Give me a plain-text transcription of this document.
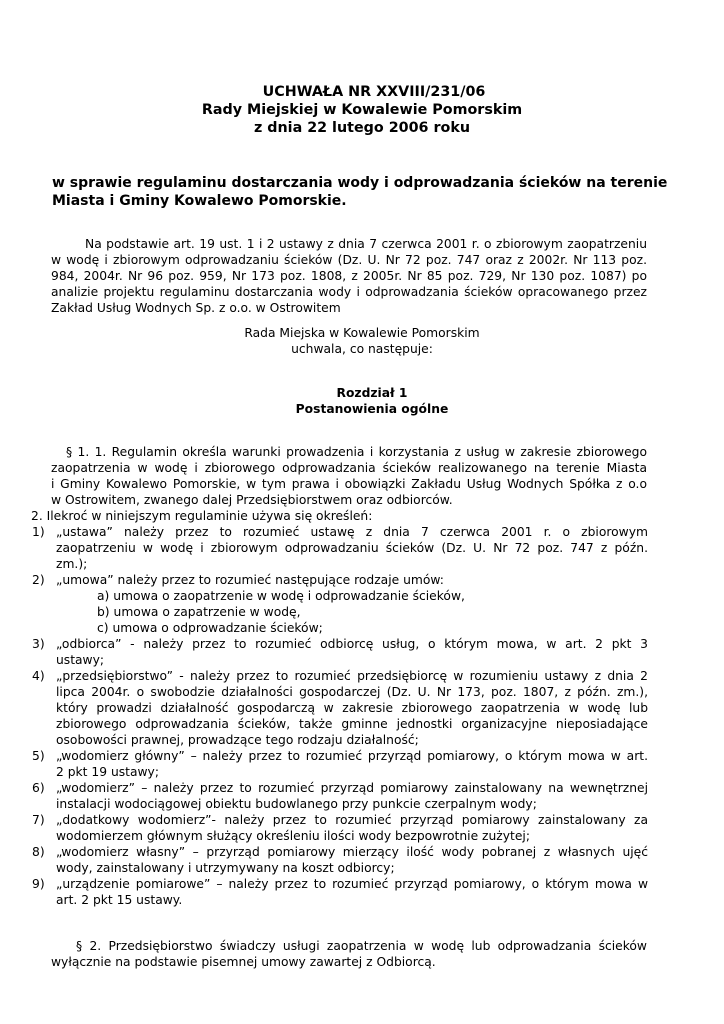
UCHWAŁA NR XXVIII/231/06
Rady Miejskiej w Kowalewie Pomorskim
z dnia 22 lutego 2006 roku
w sprawie regulaminu dostarczania wody i odprowadzania ścieków na terenie
Miasta i Gminy Kowalewo Pomorskie.
Na podstawie art. 19 ust. 1 i 2 ustawy z dnia 7 czerwca 2001 r. o zbiorowym zaopatrzeniu
w wodę i zbiorowym odprowadzaniu ścieków (Dz. U. Nr 72 poz. 747 oraz z 2002r. Nr 113 poz.
984, 2004r. Nr 96 poz. 959, Nr 173 poz. 1808, z 2005r. Nr 85 poz. 729, Nr 130 poz. 1087) po
analizie projektu regulaminu dostarczania wody i odprowadzania ścieków opracowanego przez
Zakład Usług Wodnych Sp. z o.o. w Ostrowitem
Rada Miejska w Kowalewie Pomorskim
uchwala, co następuje:
Rozdział 1
Postanowienia ogólne
§ 1. 1. Regulamin określa warunki prowadzenia i korzystania z usług w zakresie zbiorowego
zaopatrzenia w wodę i zbiorowego odprowadzania ścieków realizowanego na terenie Miasta
i Gminy Kowalewo Pomorskie, w tym prawa i obowiązki Zakładu Usług Wodnych Spółka z o.o
w Ostrowitem, zwanego dalej Przedsiębiorstwem oraz odbiorców.
2. Ilekroć w niniejszym regulaminie używa się określeń:
1) „ustawa” należy przez to rozumieć ustawę z dnia 7 czerwca 2001 r. o zbiorowym
zaopatrzeniu w wodę i zbiorowym odprowadzaniu ścieków (Dz. U. Nr 72 poz. 747 z późn.
zm.);
2) „umowa” należy przez to rozumieć następujące rodzaje umów:
a) umowa o zaopatrzenie w wodę i odprowadzanie ścieków,
b) umowa o zapatrzenie w wodę,
c) umowa o odprowadzanie ścieków;
3) „odbiorca” - należy przez to rozumieć odbiorcę usług, o którym mowa, w art. 2 pkt 3
ustawy;
4) „przedsiębiorstwo” - należy przez to rozumieć przedsiębiorcę w rozumieniu ustawy z dnia 2
lipca 2004r. o swobodzie działalności gospodarczej (Dz. U. Nr 173, poz. 1807, z późn. zm.),
który prowadzi działalność gospodarczą w zakresie zbiorowego zaopatrzenia w wodę lub
zbiorowego odprowadzania ścieków, także gminne jednostki organizacyjne nieposiadające
osobowości prawnej, prowadzące tego rodzaju działalność;
5) „wodomierz główny” – należy przez to rozumieć przyrząd pomiarowy, o którym mowa w art.
2 pkt 19 ustawy;
6) „wodomierz” – należy przez to rozumieć przyrząd pomiarowy zainstalowany na wewnętrznej
instalacji wodociągowej obiektu budowlanego przy punkcie czerpalnym wody;
7) „dodatkowy wodomierz”- należy przez to rozumieć przyrząd pomiarowy zainstalowany za
wodomierzem głównym służący określeniu ilości wody bezpowrotnie zużytej;
8) „wodomierz własny” – przyrząd pomiarowy mierzący ilość wody pobranej z własnych ujęć
wody, zainstalowany i utrzymywany na koszt odbiorcy;
9) „urządzenie pomiarowe” – należy przez to rozumieć przyrząd pomiarowy, o którym mowa w
art. 2 pkt 15 ustawy.
§ 2. Przedsiębiorstwo świadczy usługi zaopatrzenia w wodę lub odprowadzania ścieków
wyłącznie na podstawie pisemnej umowy zawartej z Odbiorcą.
